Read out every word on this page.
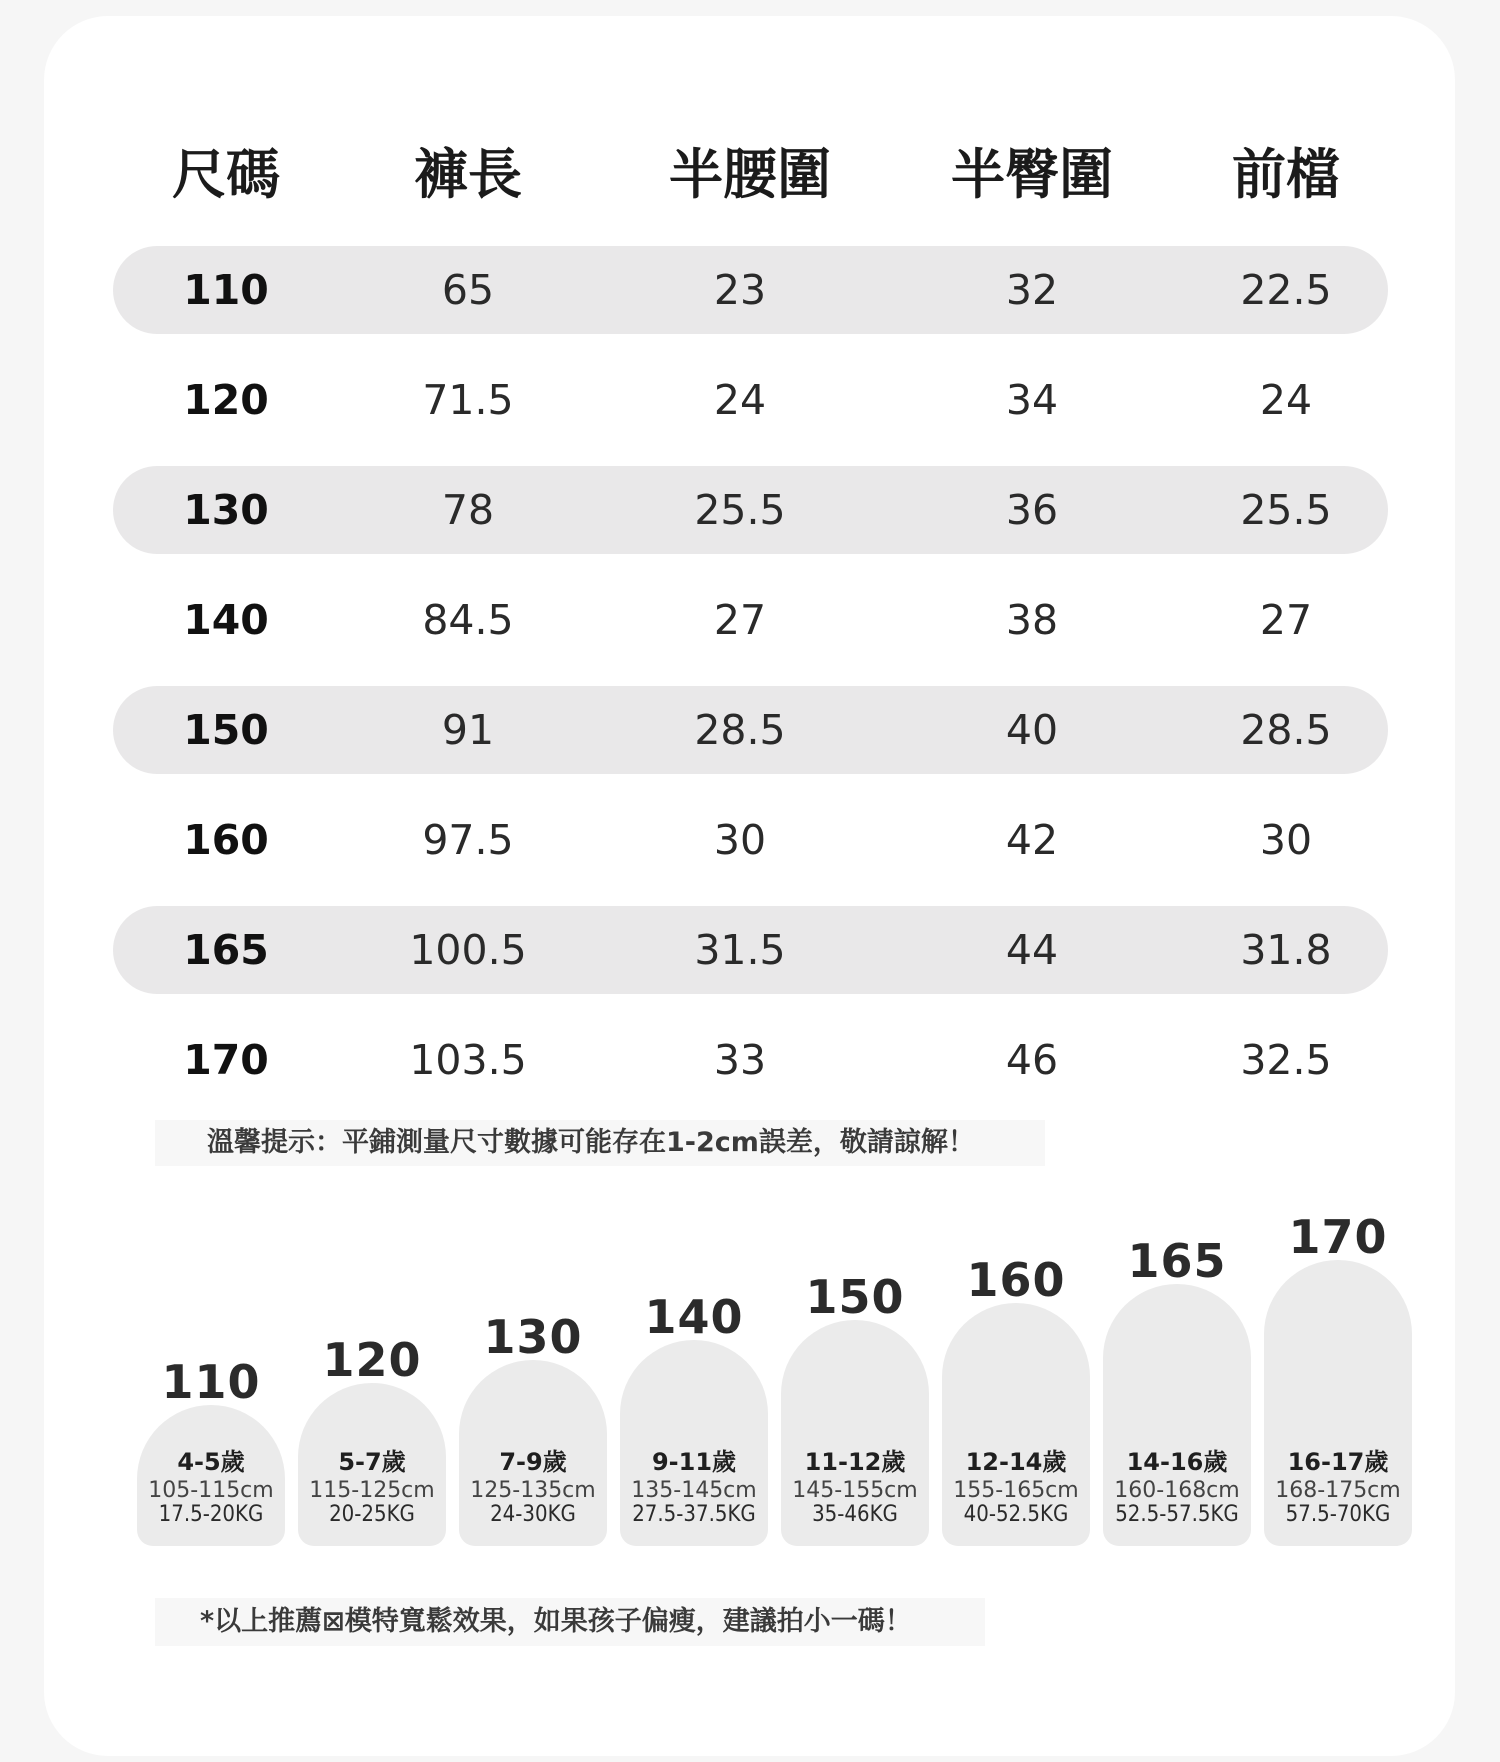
尺碼	褲長	半腰圍	半臀圍	前檔
110	65	23	32	22.5
120	71.5	24	34	24
130	78	25.5	36	25.5
140	84.5	27	38	27
150	91	28.5	40	28.5
160	97.5	30	42	30
165	100.5	31.5	44	31.8
170	103.5	33	46	32.5
溫馨提示：平鋪測量尺寸數據可能存在1-2cm誤差，敬請諒解！
110
4-5歲
105-115cm
17.5-20KG
120
5-7歲
115-125cm
20-25KG
130
7-9歲
125-135cm
24-30KG
140
9-11歲
135-145cm
27.5-37.5KG
150
11-12歲
145-155cm
35-46KG
160
12-14歲
155-165cm
40-52.5KG
165
14-16歲
160-168cm
52.5-57.5KG
170
16-17歲
168-175cm
57.5-70KG
*以上推薦⊠模特寬鬆效果，如果孩子偏瘦，建議拍小一碼！
